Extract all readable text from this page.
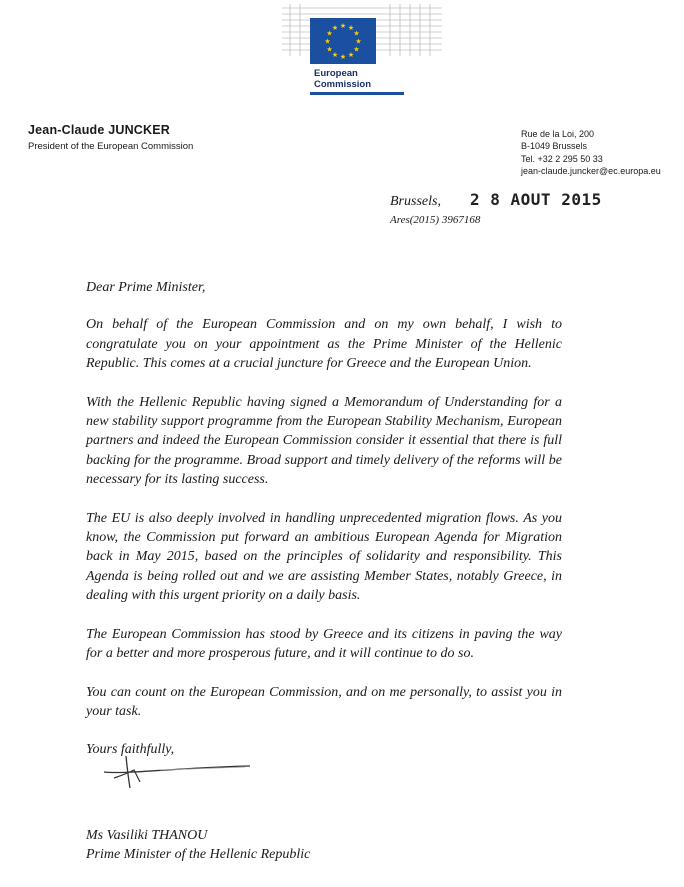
★ ★
★
★
★
★
★
★
★
★
★
★
European
Commission
Jean-Claude JUNCKER
President of the European Commission
Rue de la Loi, 200
B-1049 Brussels
Tel. +32 2 295 50 33
jean-claude.juncker@ec.europa.eu
Brussels, 2 8 AOUT 2015
Ares(2015) 3967168

Dear Prime Minister,

On behalf of the European Commission and on my own behalf, I wish to congratulate you on your appointment as the Prime Minister of the Hellenic Republic. This comes at a crucial juncture for Greece and the European Union.

With the Hellenic Republic having signed a Memorandum of Understanding for a new stability support programme from the European Stability Mechanism, European partners and indeed the European Commission consider it essential that there is full backing for the programme. Broad support and timely delivery of the reforms will be necessary for its lasting success.

The EU is also deeply involved in handling unprecedented migration flows. As you know, the Commission put forward an ambitious European Agenda for Migration back in May 2015, based on the principles of solidarity and responsibility. This Agenda is being rolled out and we are assisting Member States, notably Greece, in dealing with this urgent priority on a daily basis.

The European Commission has stood by Greece and its citizens in paving the way for a better and more prosperous future, and it will continue to do so.

You can count on the European Commission, and on me personally, to assist you in your task.

Yours faithfully,

Ms Vasiliki THANOU
Prime Minister of the Hellenic Republic
